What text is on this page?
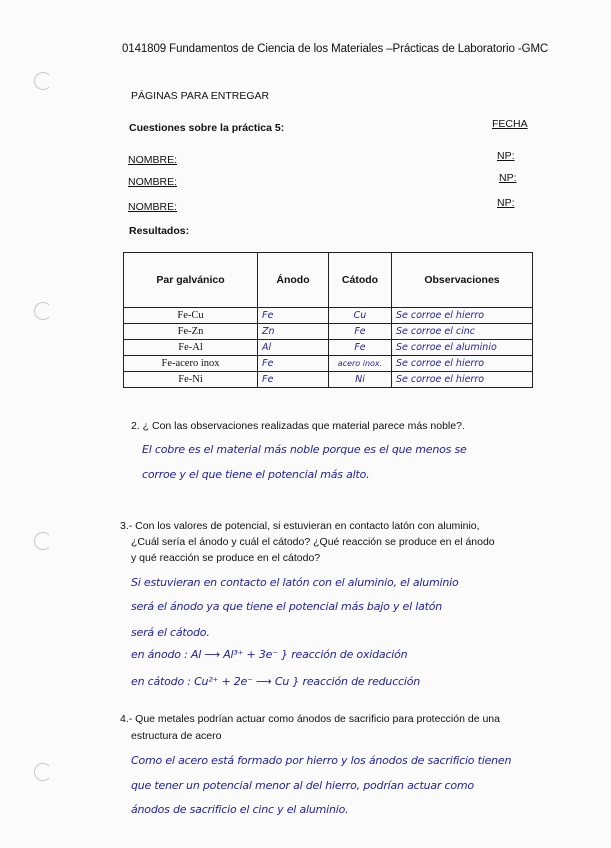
0141809 Fundamentos de Ciencia de los Materiales –Prácticas de Laboratorio -GMC
PÁGINAS PARA ENTREGAR
Cuestiones sobre la práctica 5:	FECHA
NOMBRE:	NP:
NOMBRE:	NP:
NOMBRE:	NP:
Resultados:
Par galvánico	Ánodo	Cátodo	Observaciones
Fe-Cu	Fe	Cu	Se corroe el hierro
Fe-Zn	Zn	Fe	Se corroe el cinc
Fe-Al	Al	Fe	Se corroe el aluminio
Fe-acero inox	Fe	acero inox.	Se corroe el hierro
Fe-Ni	Fe	Ni	Se corroe el hierro
2. ¿ Con las observaciones realizadas que material parece más noble?.
El cobre es el material más noble porque es el que menos se
corroe y el que tiene el potencial más alto.
3.- Con los valores de potencial, si estuvieran en contacto latón con aluminio,
¿Cuál sería el ánodo y cuál el cátodo? ¿Qué reacción se produce en el ánodo
y qué reacción se produce en el cátodo?
Si estuvieran en contacto el latón con el aluminio, el aluminio
será el ánodo ya que tiene el potencial más bajo y el latón
será el cátodo.
en ánodo : Al ⟶ Al³⁺ + 3e⁻ } reacción de oxidación
en cátodo : Cu²⁺ + 2e⁻ ⟶ Cu } reacción de reducción
4.- Que metales podrían actuar como ánodos de sacrificio para protección de una
estructura de acero
Como el acero está formado por hierro y los ánodos de sacrificio tienen
que tener un potencial menor al del hierro, podrían actuar como
ánodos de sacrificio el cinc y el aluminio.
